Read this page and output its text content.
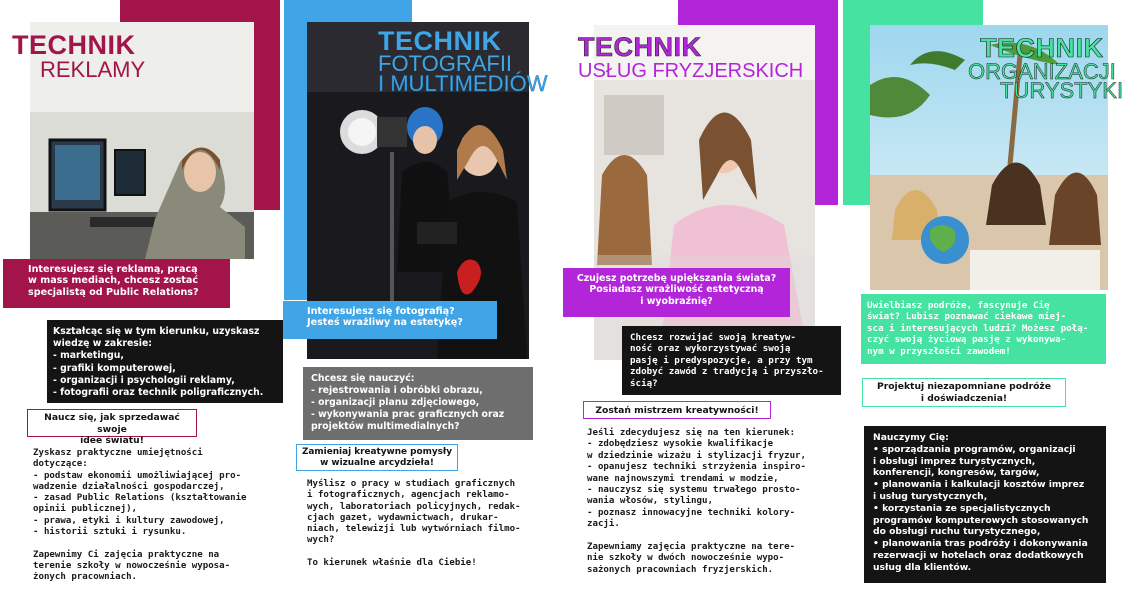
TECHNIK
REKLAMY
Interesujesz się reklamą, pracą
w mass mediach, chcesz zostać
specjalistą od Public Relations?
Kształcąc się w tym kierunku, uzyskasz
wiedzę w zakresie:
- marketingu,
- grafiki komputerowej,
- organizacji i psychologii reklamy,
- fotografii oraz technik poligraficznych.
Naucz się, jak sprzedawać swoje
idee światu!
Zyskasz praktyczne umiejętności
dotyczące:
- podstaw ekonomii umożliwiającej pro-
wadzenie działalności gospodarczej,
- zasad Public Relations (kształtowanie
opinii publicznej),
- prawa, etyki i kultury zawodowej,
- historii sztuki i rysunku.

Zapewnimy Ci zajęcia praktyczne na
terenie szkoły w nowocześnie wyposa-
żonych pracowniach.
TECHNIK
FOTOGRAFII
I MULTIMEDIÓW
Interesujesz się fotografią?
Jesteś wrażliwy na estetykę?
Chcesz się nauczyć:
- rejestrowania i obróbki obrazu,
- organizacji planu zdjęciowego,
- wykonywania prac graficznych oraz
projektów multimedialnych?
Zamieniaj kreatywne pomysły
w wizualne arcydzieła!
Myślisz o pracy w studiach graficznych
i fotograficznych, agencjach reklamo-
wych, laboratoriach policyjnych, redak-
cjach gazet, wydawnictwach, drukar-
niach, telewizji lub wytwórniach filmo-
wych?

To kierunek właśnie dla Ciebie!
TECHNIK
USŁUG FRYZJERSKICH
Czujesz potrzebę upiększania świata?
Posiadasz wrażliwość estetyczną
i wyobraźnię?
Chcesz rozwijać swoją kreatyw-
ność oraz wykorzystywać swoją
pasję i predyspozycje, a przy tym
zdobyć zawód z tradycją i przyszło-
ścią?
Zostań mistrzem kreatywności!
Jeśli zdecydujesz się na ten kierunek:
- zdobędziesz wysokie kwalifikacje
w dziedzinie wizażu i stylizacji fryzur,
- opanujesz techniki strzyżenia inspiro-
wane najnowszymi trendami w modzie,
- nauczysz się systemu trwałego prosto-
wania włosów, stylingu,
- poznasz innowacyjne techniki kolory-
zacji.

Zapewniamy zajęcia praktyczne na tere-
nie szkoły w dwóch nowocześnie wypo-
sażonych pracowniach fryzjerskich.
TECHNIK
ORGANIZACJI
TURYSTYKI
Uwielbiasz podróże, fascynuje Cię
świat? Lubisz poznawać ciekawe miej-
sca i interesujących ludzi? Możesz połą-
czyć swoją życiową pasję z wykonywa-
nym w przyszłości zawodem!
Projektuj niezapomniane podróże
i doświadczenia!
Nauczymy Cię:
• sporządzania programów, organizacji
i obsługi imprez turystycznych,
konferencji, kongresów, targów,
• planowania i kalkulacji kosztów imprez
i usług turystycznych,
• korzystania ze specjalistycznych
programów komputerowych stosowanych
do obsługi ruchu turystycznego,
• planowania tras podróży i dokonywania
rezerwacji w hotelach oraz dodatkowych
usług dla klientów.
